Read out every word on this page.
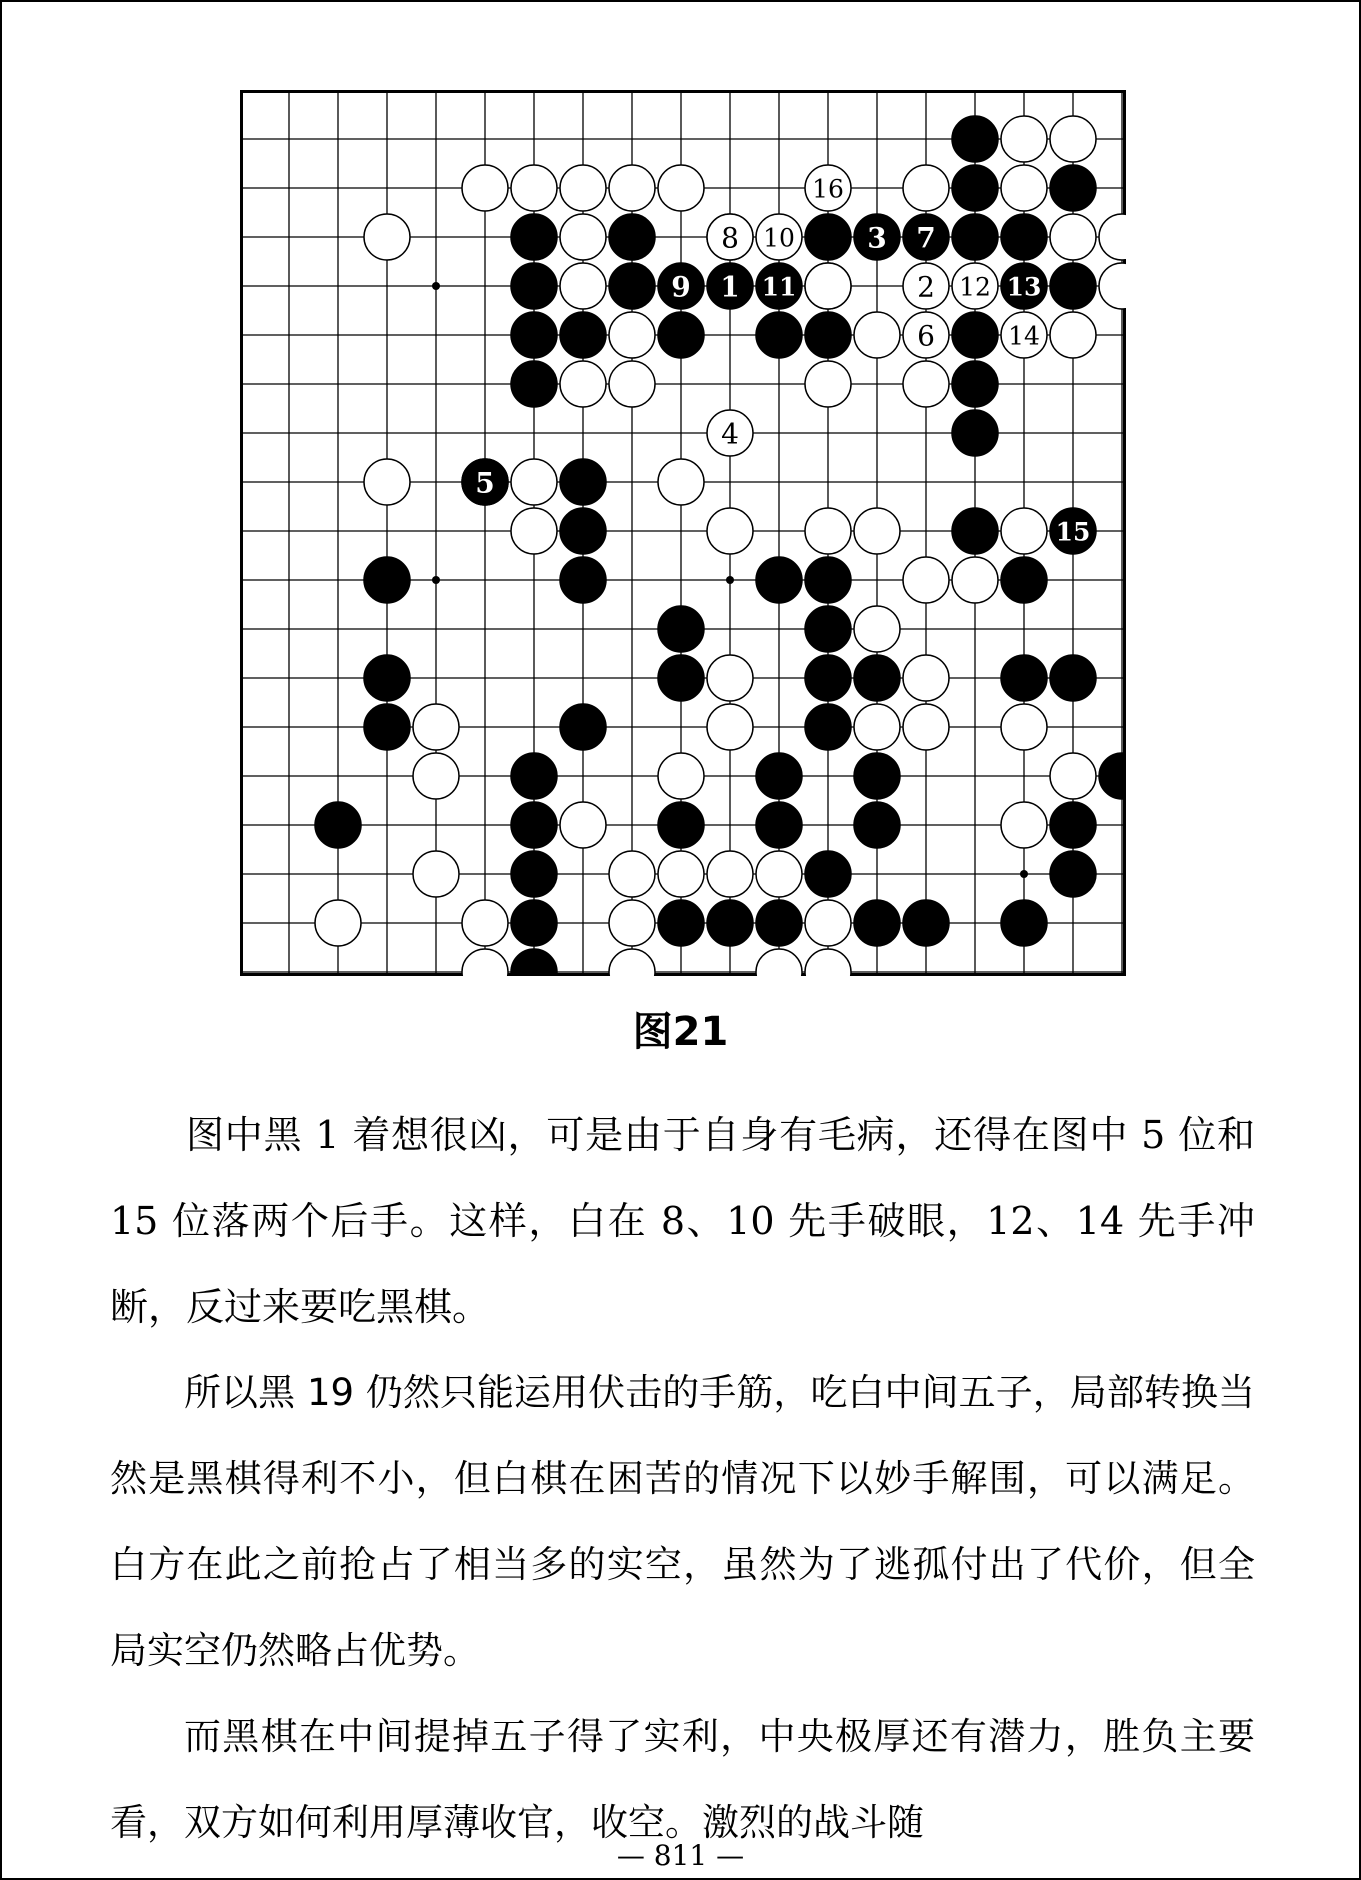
1	2
3
4
5
6
7
8
9
10
11	12 13
14
15
16
图21

图中黑 1 着想很凶，可是由于自身有毛病，还得在图中 5 位和 15 位落两个后手。这样，白在 8、10 先手破眼，12、14 先手冲断，反过来要吃黑棋。

所以黑 19 仍然只能运用伏击的手筋，吃白中间五子，局部转换当然是黑棋得利不小，但白棋在困苦的情况下以妙手解围，可以满足。白方在此之前抢占了相当多的实空，虽然为了逃孤付出了代价，但全局实空仍然略占优势。

而黑棋在中间提掉五子得了实利，中央极厚还有潜力，胜负主要看，双方如何利用厚薄收官，收空。激烈的战斗随

— 811 —
